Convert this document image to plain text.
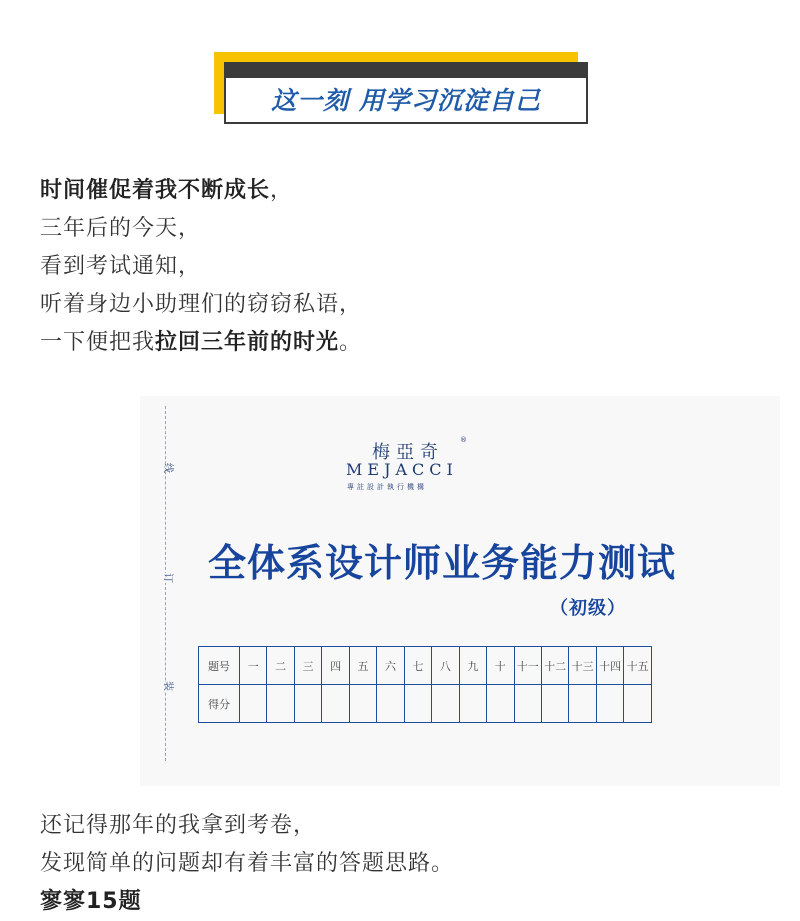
这一刻 用学习沉淀自己

时间催促着我不断成长，
三年后的今天，
看到考试通知，
听着身边小助理们的窃窃私语，
一下便把我拉回三年前的时光。

线
订
装
梅亞奇
®
MEJACCI
專註設計執行機構
全体系设计师业务能力测试
（初级）
题号	一	二	三	四	五	六	七	八	九	十	十一	十二	十三	十四	十五
得分															

还记得那年的我拿到考卷，
发现简单的问题却有着丰富的答题思路。
寥寥15题
